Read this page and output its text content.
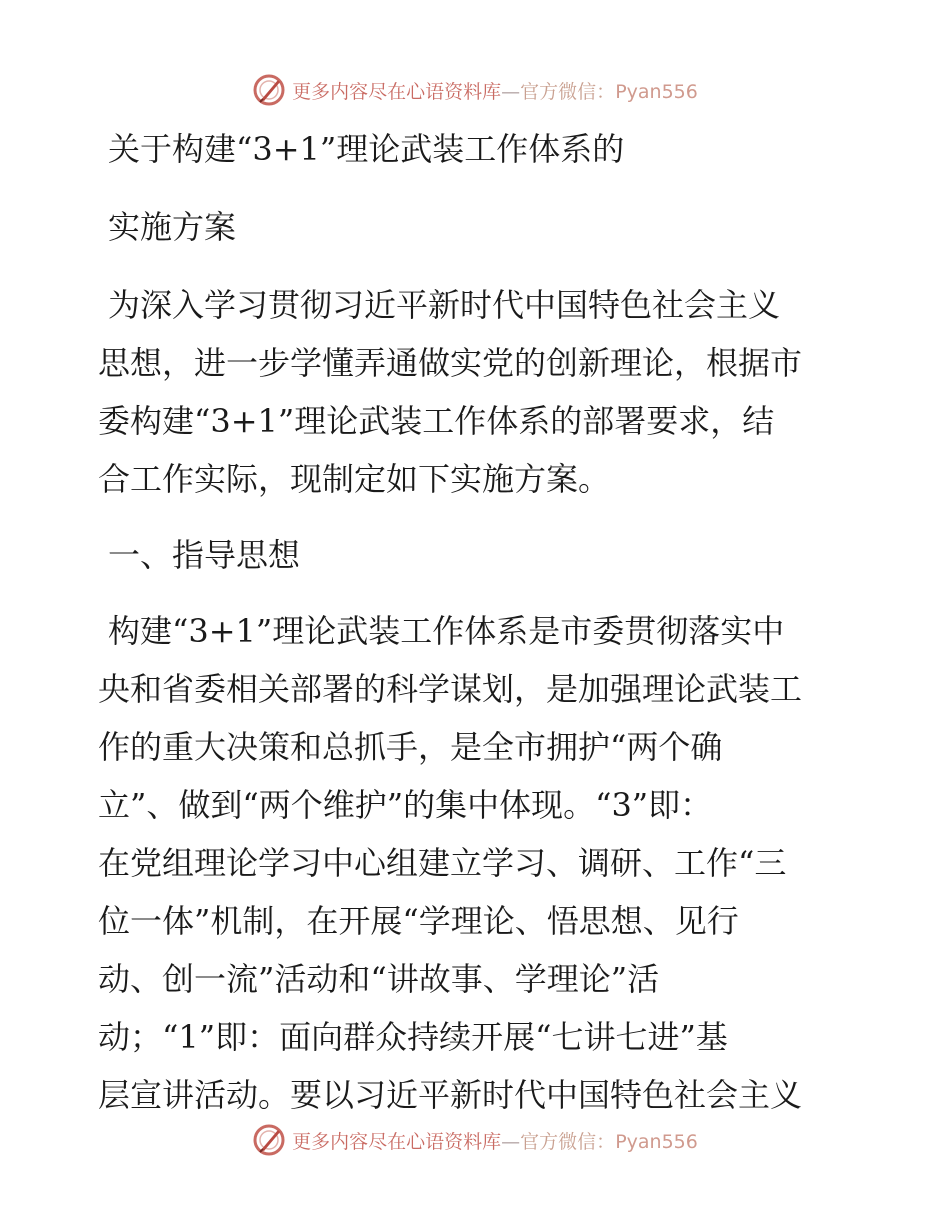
更多内容尽在心语资料库—官方微信：Pyan556
关于构建“3+1”理论武装工作体系的
实施方案
为深入学习贯彻习近平新时代中国特色社会主义
思想，进一步学懂弄通做实党的创新理论，根据市
委构建“3+1”理论武装工作体系的部署要求，结
合工作实际，现制定如下实施方案。
一、指导思想
构建“3+1”理论武装工作体系是市委贯彻落实中
央和省委相关部署的科学谋划，是加强理论武装工
作的重大决策和总抓手，是全市拥护“两个确
立”、做到“两个维护”的集中体现。“3”即：
在党组理论学习中心组建立学习、调研、工作“三
位一体”机制，在开展“学理论、悟思想、见行
动、创一流”活动和“讲故事、学理论”活
动；“1”即：面向群众持续开展“七讲七进”基
层宣讲活动。要以习近平新时代中国特色社会主义
更多内容尽在心语资料库—官方微信：Pyan556
